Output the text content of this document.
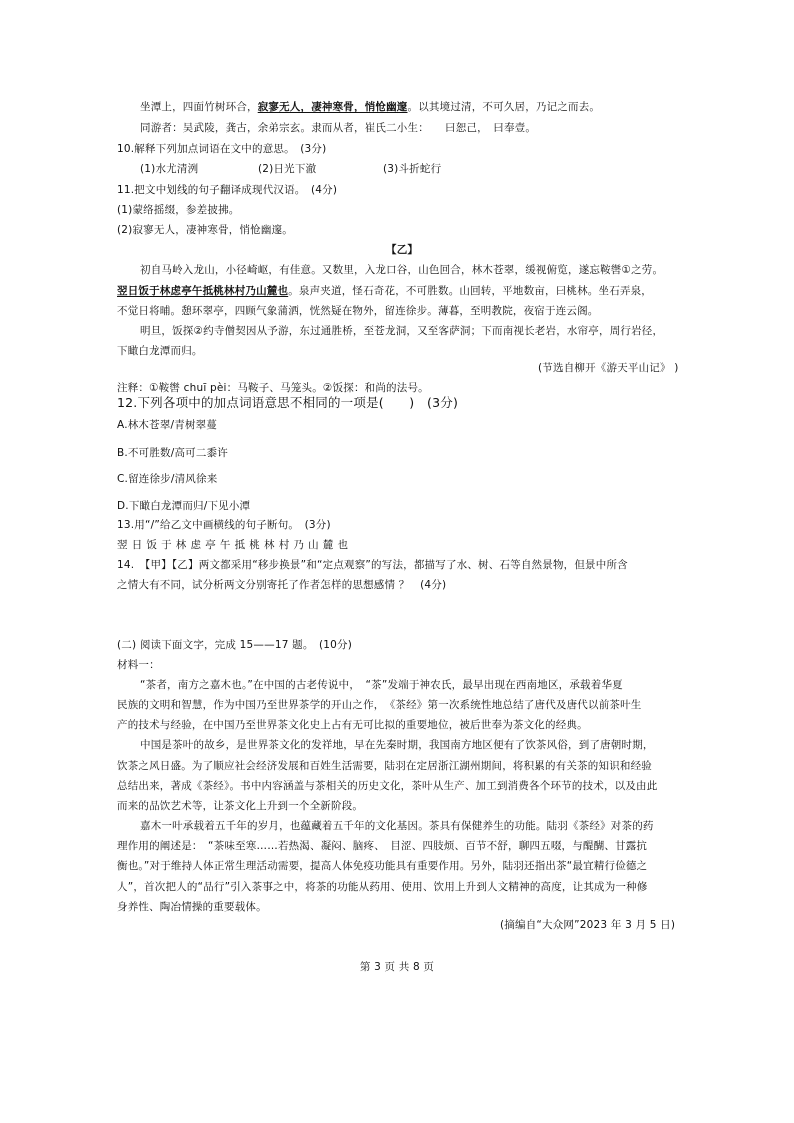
坐潭上，四面竹树环合，寂寥无人，凄神寒骨，悄怆幽邃。以其境过清，不可久居，乃记之而去。
同游者：吴武陵，龚古，余弟宗玄。隶而从者，崔氏二小生：　　曰恕己，　曰奉壹。
10.解释下列加点词语在文中的意思。　(3分)
(1)水尤清洌	(2)日光下澈	(3)斗折蛇行
11.把文中划线的句子翻译成现代汉语。　(4分)
(1)蒙络摇缀，参差披拂。
(2)寂寥无人，凄神寒骨，悄怆幽邃。
【乙】
初自马岭入龙山，小径崎岖，有佳意。又数里，入龙口谷，山色回合，林木苍翠，缓视俯览，遂忘鞍辔①之劳。
翌日饭于林虑亭午抵桃林村乃山麓也。泉声夹道，怪石奇花，不可胜数。山回转，平地数亩，曰桃林。坐石弄泉，
不觉日将晡。憩环翠亭，四顾气象蒲洒，恍然疑在物外，留连徐步。薄暮，至明教院，夜宿于连云阁。
明旦，饭探②约寺僧契因从予游，东过通胜桥，至苍龙洞，又至客萨洞；下而南视长老岩，水帘亭，周行岩径，
下瞰白龙潭而归。
(节选自柳开《游天平山记》 )
注释：①鞍辔 chuī pèi：马鞍子、马笼头。②饭探：和尚的法号。
12.下列各项中的加点词语意思不相同的一项是(　　)　(3分)
A.林木苍翠/青树翠蔓
B.不可胜数/高可二黍许
C.留连徐步/清风徐来
D.下瞰白龙潭而归/下见小潭
13.用“/”给乙文中画横线的句子断句。　(3分)
翌日饭于林虑亭午抵桃林村乃山麓也
14.　【甲】【乙】两文都采用“移步换景”和“定点观察”的写法，都描写了水、树、石等自然景物，但景中所含
之情大有不同，试分析两文分别寄托了作者怎样的思想感情 ？　(4分)
(二) 阅读下面文字，完成 15——17 题。　(10分)
材料一：
“茶者，南方之嘉木也。”在中国的古老传说中，　“茶”发端于神农氏，最早出现在西南地区，承载着华夏
民族的文明和智慧，作为中国乃至世界茶学的开山之作，　《茶经》第一次系统性地总结了唐代及唐代以前茶叶生
产的技术与经验，在中国乃至世界茶文化史上占有无可比拟的重要地位，被后世奉为茶文化的经典。
中国是茶叶的故乡，是世界茶文化的发祥地，早在先秦时期，我国南方地区便有了饮茶风俗，到了唐朝时期，
饮茶之风日盛。为了顺应社会经济发展和百姓生活需要，陆羽在定居浙江湖州期间，将积累的有关茶的知识和经验
总结出来，著成《茶经》。书中内容涵盖与茶相关的历史文化，茶叶从生产、加工到消费各个环节的技术，以及由此
而来的品饮艺术等，让茶文化上升到一个全新阶段。
嘉木一叶承载着五千年的岁月，也蕴藏着五千年的文化基因。茶具有保健养生的功能。陆羽《茶经》对茶的药
理作用的阐述是：　“茶味至寒……若热渴、凝闷、脑疼、　目涩、四肢烦、百节不舒，聊四五啜，与醍醐、甘露抗
衡也。”对于维持人体正常生理活动需要，提高人体免疫功能具有重要作用。另外，陆羽还指出茶“最宜精行俭德之
人”，首次把人的“品行”引入茶事之中，将茶的功能从药用、使用、饮用上升到人文精神的高度，让其成为一种修
身养性、陶冶情操的重要载体。
(摘编自“大众网”2023 年 3 月 5 日)
第 3 页 共 8 页
